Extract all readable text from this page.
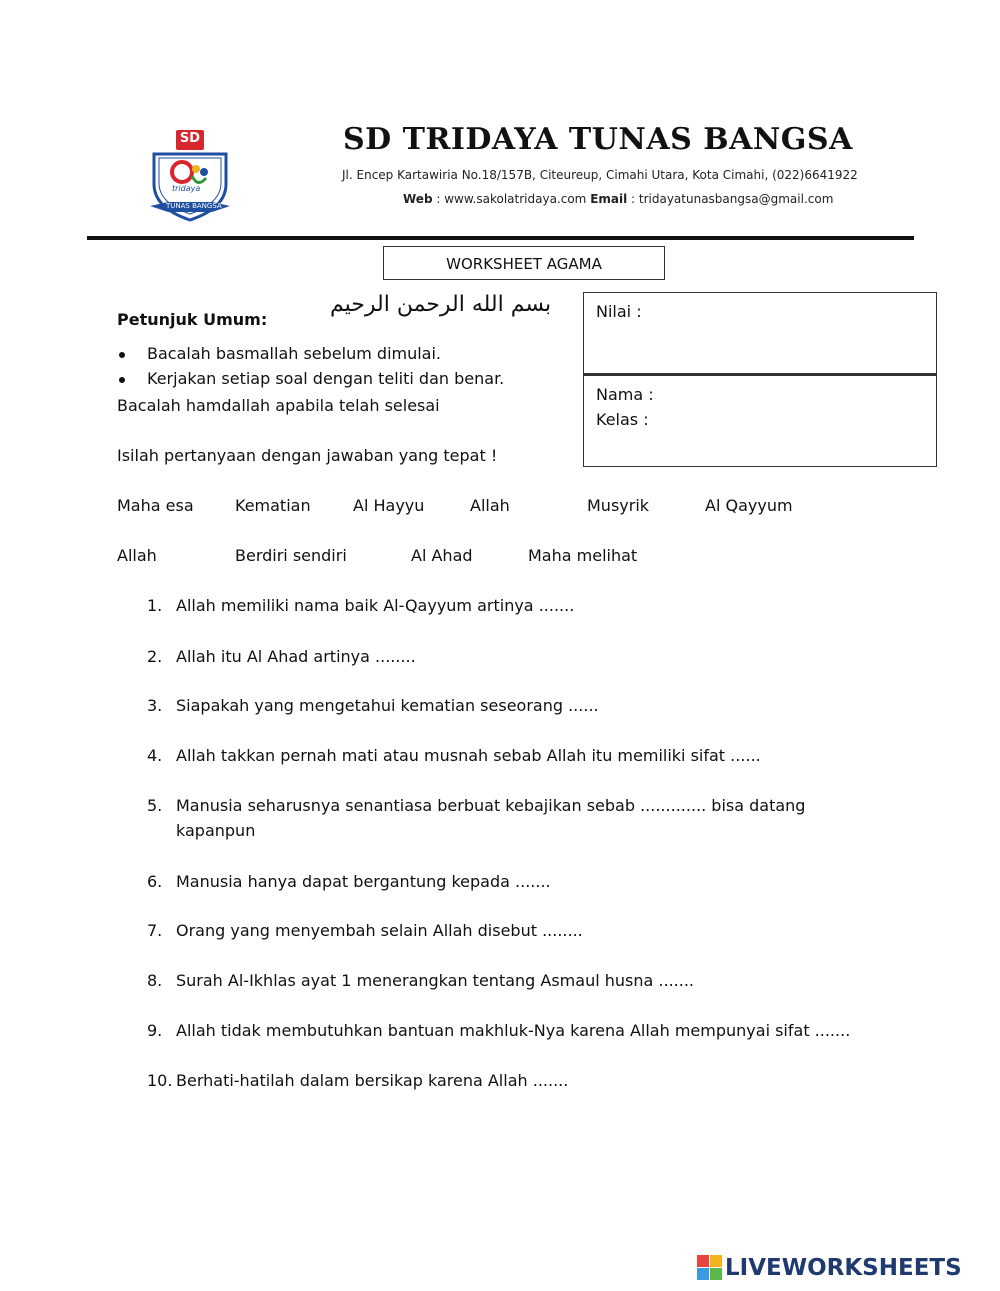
SD
tridaya
TUNAS BANGSA
SD TRIDAYA TUNAS BANGSA
Jl. Encep Kartawiria No.18/157B, Citeureup, Cimahi Utara, Kota Cimahi, (022)6641922
Web : www.sakolatridaya.com Email : tridayatunasbangsa@gmail.com
WORKSHEET AGAMA
Nilai :
Nama :
Kelas :
Petunjuk Umum:
بسم الله الرحمن الرحيم
Bacalah basmallah sebelum dimulai.
Kerjakan setiap soal dengan teliti dan benar.
Bacalah hamdallah apabila telah selesai
Isilah pertanyaan dengan jawaban yang tepat !
Maha esa	Kematian	Al Hayyu	Allah	Musyrik	Al Qayyum
Allah	Berdiri sendiri	Al Ahad	Maha melihat
1. Allah memiliki nama baik Al-Qayyum artinya .......
2. Allah itu Al Ahad artinya ........
3. Siapakah yang mengetahui kematian seseorang ......
4. Allah takkan pernah mati atau musnah sebab Allah itu memiliki sifat ......
5. Manusia seharusnya senantiasa berbuat kebajikan sebab ............. bisa datang
kapanpun
6. Manusia hanya dapat bergantung kepada .......
7. Orang yang menyembah selain Allah disebut ........
8. Surah Al-Ikhlas ayat 1 menerangkan tentang Asmaul husna .......
9. Allah tidak membutuhkan bantuan makhluk-Nya karena Allah mempunyai sifat .......
10. Berhati-hatilah dalam bersikap karena Allah .......
LIVEWORKSHEETS
